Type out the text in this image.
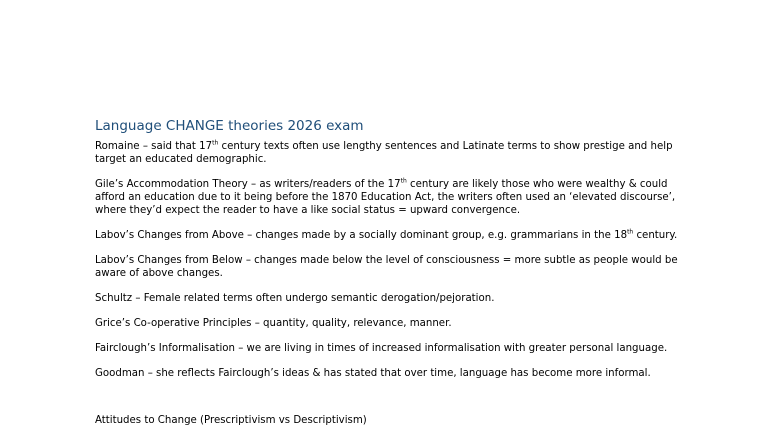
Language CHANGE theories 2026 exam

Romaine – said that 17th century texts often use lengthy sentences and Latinate terms to show prestige and help target an educated demographic.

Gile’s Accommodation Theory – as writers/readers of the 17th century are likely those who were wealthy & could afford an education due to it being before the 1870 Education Act, the writers often used an ‘elevated discourse’, where they’d expect the reader to have a like social status = upward convergence.

Labov’s Changes from Above – changes made by a socially dominant group, e.g. grammarians in the 18th century.

Labov’s Changes from Below – changes made below the level of consciousness = more subtle as people would be aware of above changes.

Schultz – Female related terms often undergo semantic derogation/pejoration.

Grice’s Co-operative Principles – quantity, quality, relevance, manner.

Fairclough’s Informalisation – we are living in times of increased informalisation with greater personal language.

Goodman – she reflects Fairclough’s ideas & has stated that over time, language has become more informal.

Attitudes to Change (Prescriptivism vs Descriptivism)
